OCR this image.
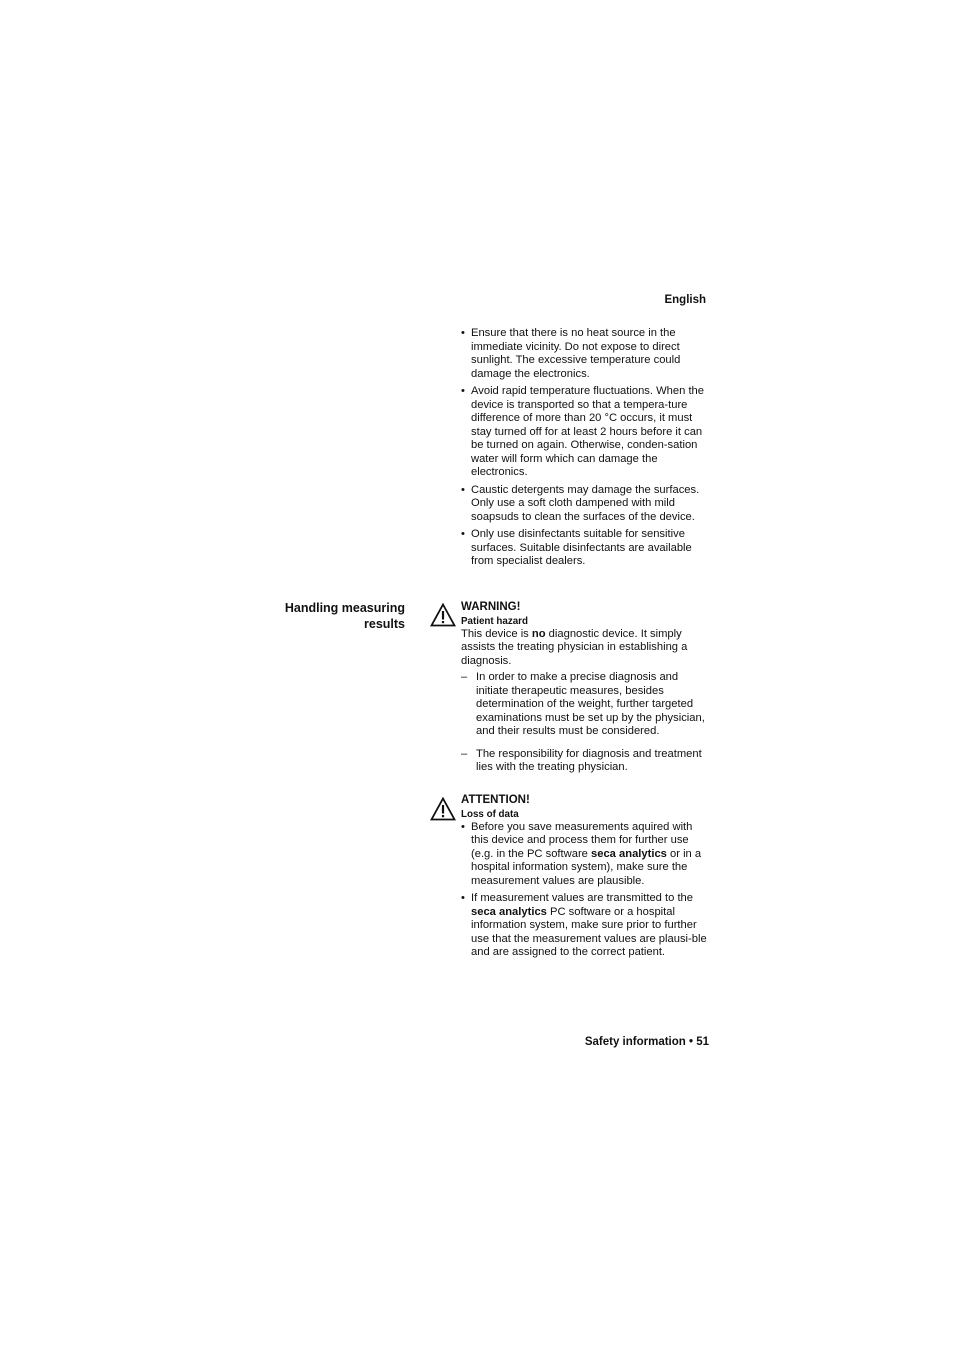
English
• Ensure that there is no heat source in the immediate vicinity. Do not expose to direct sunlight. The excessive temperature could damage the electronics.
• Avoid rapid temperature fluctuations. When the device is transported so that a tempera-ture difference of more than 20 °C occurs, it must stay turned off for at least 2 hours before it can be turned on again. Otherwise, conden-sation water will form which can damage the electronics.
• Caustic detergents may damage the surfaces. Only use a soft cloth dampened with mild soapsuds to clean the surfaces of the device.
• Only use disinfectants suitable for sensitive surfaces. Suitable disinfectants are available from specialist dealers.
Handling measuring
results
WARNING!
Patient hazard
This device is no diagnostic device. It simply assists the treating physician in establishing a diagnosis.
– In order to make a precise diagnosis and initiate therapeutic measures, besides determination of the weight, further targeted examinations must be set up by the physician, and their results must be considered.
– The responsibility for diagnosis and treatment lies with the treating physician.
ATTENTION!
Loss of data
• Before you save measurements aquired with this device and process them for further use (e.g. in the PC software seca analytics or in a hospital information system), make sure the measurement values are plausible.
• If measurement values are transmitted to the seca analytics PC software or a hospital information system, make sure prior to further use that the measurement values are plausi-ble and are assigned to the correct patient.
Safety information • 51
